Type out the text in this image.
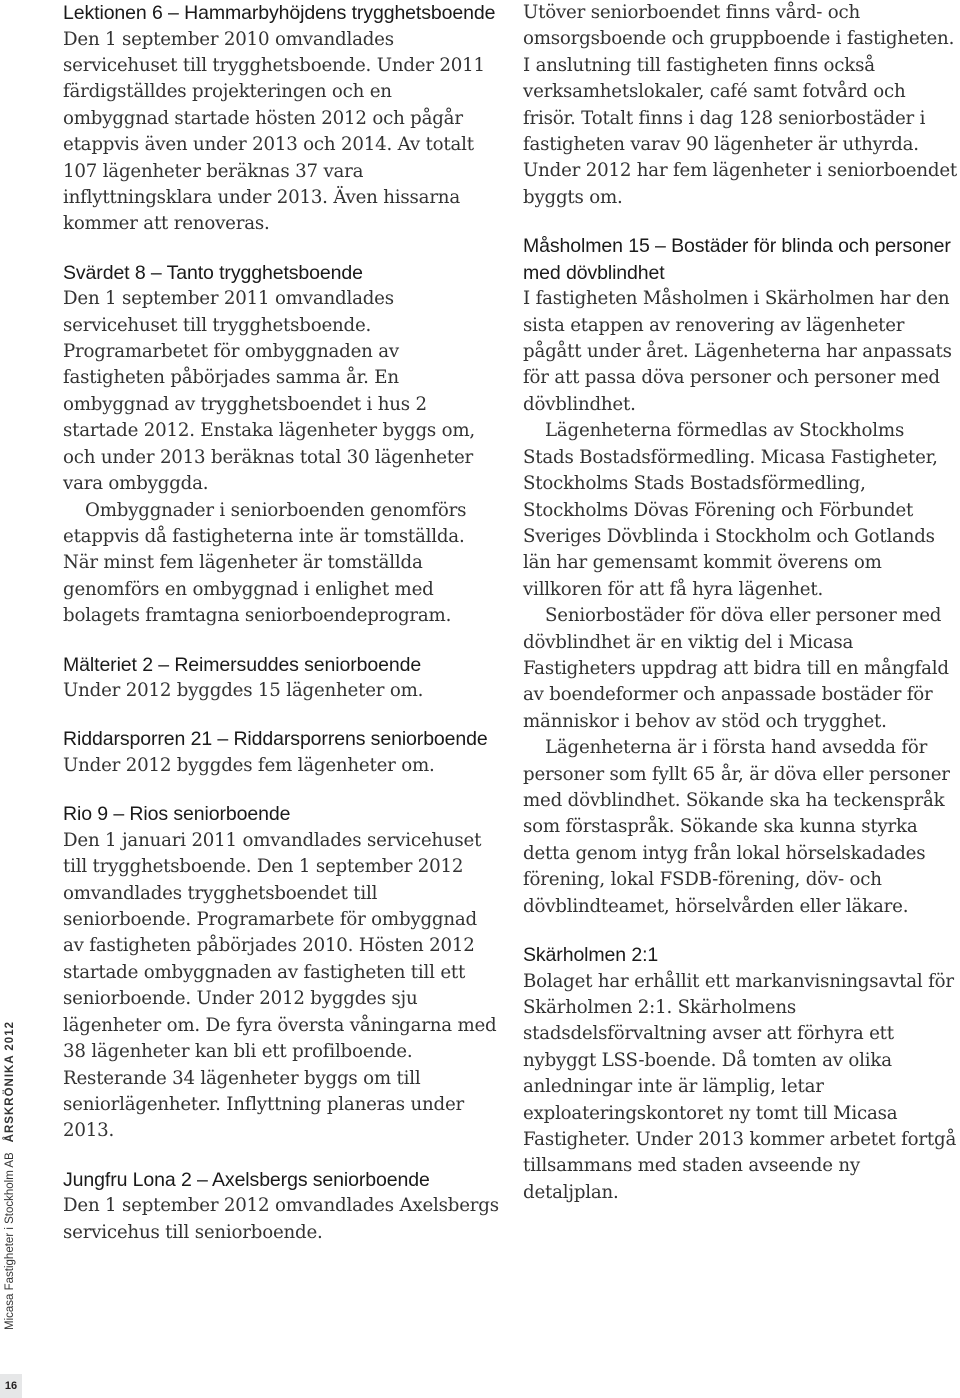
Micasa Fastigheter i Stockholm ABÅRSKRÖNIKA 2012
16
Lektionen 6 – Hammarbyhöjdens trygghetsboende

Den 1 september 2010 omvandlades servicehuset till trygghetsboende. Under 2011 färdigställdes projekteringen och en ombyggnad startade hösten 2012 och pågår etappvis även under 2013 och 2014. Av totalt 107 lägenheter beräknas 37 vara inflyttningsklara under 2013. Även hissarna kommer att renoveras.

Svärdet 8 – Tanto trygghetsboende

Den 1 september 2011 omvandlades servicehuset till trygghetsboende. Programarbetet för ombyggnaden av fastigheten påbörjades samma år. En ombyggnad av trygghetsboendet i hus 2 startade 2012. Enstaka lägenheter byggs om, och under 2013 beräknas total 30 lägenheter vara ombyggda.

Ombyggnader i seniorboenden genomförs etappvis då fastigheterna inte är tomställda. När minst fem lägenheter är tomställda genomförs en ombyggnad i enlighet med bolagets framtagna seniorboendeprogram.

Mälteriet 2 – Reimersuddes seniorboende

Under 2012 byggdes 15 lägenheter om.

Riddarsporren 21 – Riddarsporrens seniorboende

Under 2012 byggdes fem lägenheter om.

Rio 9 – Rios seniorboende

Den 1 januari 2011 omvandlades servicehuset till trygghetsboende. Den 1 september 2012 omvandlades trygghetsboendet till seniorboende. Programarbete för ombyggnad av fastigheten påbörjades 2010. Hösten 2012 startade ombyggnaden av fastigheten till ett seniorboende. Under 2012 byggdes sju lägenheter om. De fyra översta våningarna med 38 lägenheter kan bli ett profilboende. Resterande 34 lägenheter byggs om till seniorlägenheter. Inflyttning planeras under 2013.

Jungfru Lona 2 – Axelsbergs seniorboende

Den 1 september 2012 omvandlades Axelsbergs servicehus till seniorboende.

Utöver seniorboendet finns vård- och omsorgsboende och gruppboende i fastigheten. I anslutning till fastigheten finns också verksamhetslokaler, café samt fotvård och frisör. Totalt finns i dag 128 seniorbostäder i fastigheten varav 90 lägenheter är uthyrda. Under 2012 har fem lägenheter i seniorboendet byggts om.

Måsholmen 15 – Bostäder för blinda och personer med dövblindhet

I fastigheten Måsholmen i Skärholmen har den sista etappen av renovering av lägenheter pågått under året. Lägenheterna har anpassats för att passa döva personer och personer med dövblindhet.

Lägenheterna förmedlas av Stockholms Stads Bostadsförmedling. Micasa Fastigheter, Stockholms Stads Bostadsförmedling, Stockholms Dövas Förening och Förbundet Sveriges Dövblinda i Stockholm och Gotlands län har gemensamt kommit överens om villkoren för att få hyra lägenhet.

Seniorbostäder för döva eller personer med dövblindhet är en viktig del i Micasa Fastigheters uppdrag att bidra till en mångfald av boendeformer och anpassade bostäder för människor i behov av stöd och trygghet.

Lägenheterna är i första hand avsedda för personer som fyllt 65 år, är döva eller personer med dövblindhet. Sökande ska ha teckenspråk som förstaspråk. Sökande ska kunna styrka detta genom intyg från lokal hörselskadades förening, lokal FSDB-förening, döv- och dövblindteamet, hörselvården eller läkare.

Skärholmen 2:1

Bolaget har erhållit ett markanvisningsavtal för Skärholmen 2:1. Skärholmens stadsdelsförvaltning avser att förhyra ett nybyggt LSS-boende. Då tomten av olika anledningar inte är lämplig, letar exploateringskontoret ny tomt till Micasa Fastigheter. Under 2013 kommer arbetet fortgå tillsammans med staden avseende ny detaljplan.
